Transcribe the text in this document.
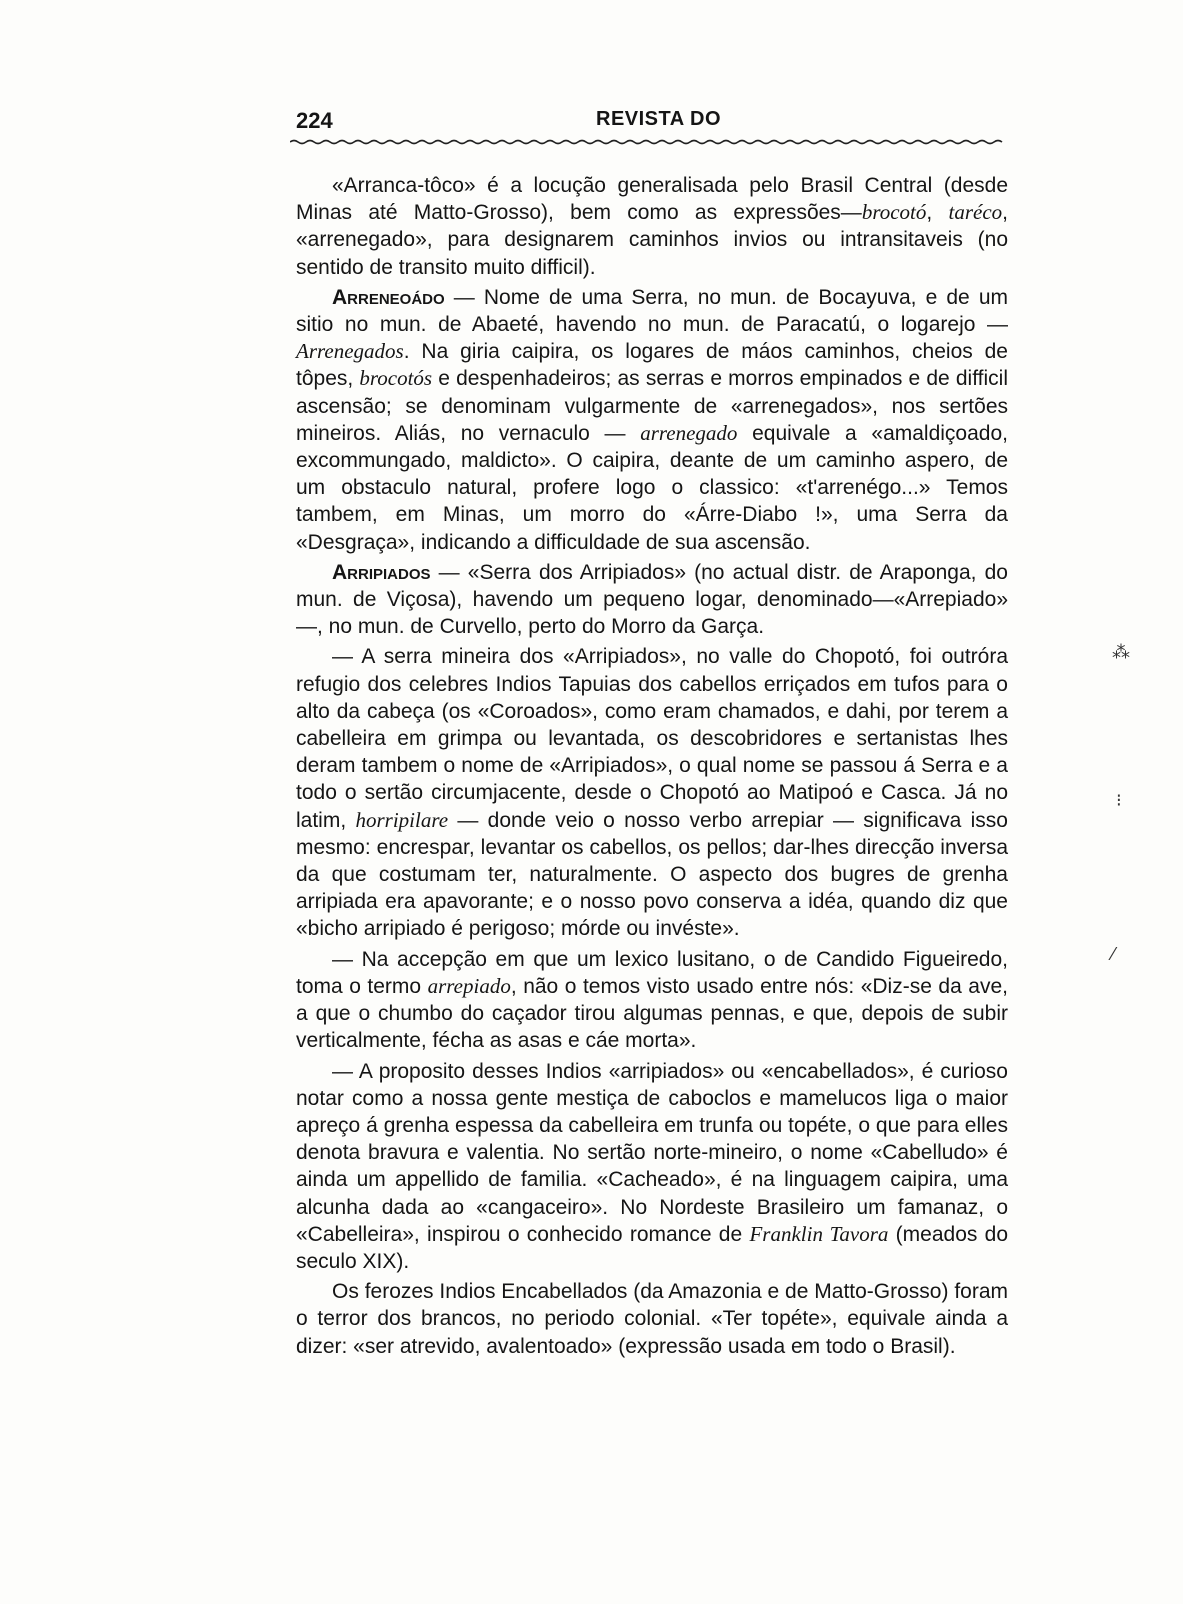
224	REVISTA DO

«Arranca-tôco» é a locução generalisada pelo Brasil Central (desde Minas até Matto-Grosso), bem como as expressões—brocotó, taréco, «arrenegado», para designarem caminhos invios ou intransitaveis (no sentido de transito muito difficil).

Arreneoádo — Nome de uma Serra, no mun. de Bocayuva, e de um sitio no mun. de Abaeté, havendo no mun. de Paracatú, o logarejo — Arrenegados. Na giria caipira, os logares de máos caminhos, cheios de tôpes, brocotós e despenhadeiros; as serras e morros empinados e de difficil ascensão; se denominam vulgarmente de «arrenegados», nos sertões mineiros. Aliás, no vernaculo — arrenegado equivale a «amaldiçoado, excommungado, maldicto». O caipira, deante de um caminho aspero, de um obstaculo natural, profere logo o classico: «t'arrenégo...» Temos tambem, em Minas, um morro do «Árre-Diabo !», uma Serra da «Desgraça», indicando a difficuldade de sua ascensão.

Arripiados — «Serra dos Arripiados» (no actual distr. de Araponga, do mun. de Viçosa), havendo um pequeno logar, denominado—«Arrepiado» —, no mun. de Curvello, perto do Morro da Garça.

— A serra mineira dos «Arripiados», no valle do Chopotó, foi outróra refugio dos celebres Indios Tapuias dos cabellos erriçados em tufos para o alto da cabeça (os «Coroados», como eram chamados, e dahi, por terem a cabelleira em grimpa ou levantada, os descobridores e sertanistas lhes deram tambem o nome de «Arripiados», o qual nome se passou á Serra e a todo o sertão circumjacente, desde o Chopotó ao Matipoó e Casca. Já no latim, horripilare — donde veio o nosso verbo arrepiar — significava isso mesmo: encrespar, levantar os cabellos, os pellos; dar-lhes direcção inversa da que costumam ter, naturalmente. O aspecto dos bugres de grenha arripiada era apavorante; e o nosso povo conserva a idéa, quando diz que «bicho arripiado é perigoso; mórde ou invéste».

— Na accepção em que um lexico lusitano, o de Candido Figueiredo, toma o termo arrepiado, não o temos visto usado entre nós: «Diz-se da ave, a que o chumbo do caçador tirou algumas pennas, e que, depois de subir verticalmente, fécha as asas e cáe morta».

— A proposito desses Indios «arripiados» ou «encabellados», é curioso notar como a nossa gente mestiça de caboclos e mamelucos liga o maior apreço á grenha espessa da cabelleira em trunfa ou topéte, o que para elles denota bravura e valentia. No sertão norte-mineiro, o nome «Cabelludo» é ainda um appellido de familia. «Cacheado», é na linguagem caipira, uma alcunha dada ao «cangaceiro». No Nordeste Brasileiro um famanaz, o «Cabelleira», inspirou o conhecido romance de Franklin Tavora (meados do seculo XIX).

Os ferozes Indios Encabellados (da Amazonia e de Matto-Grosso) foram o terror dos brancos, no periodo colonial. «Ter topéte», equivale ainda a dizer: «ser atrevido, avalentoado» (expressão usada em todo o Brasil).

⁂
⁝
⁄
